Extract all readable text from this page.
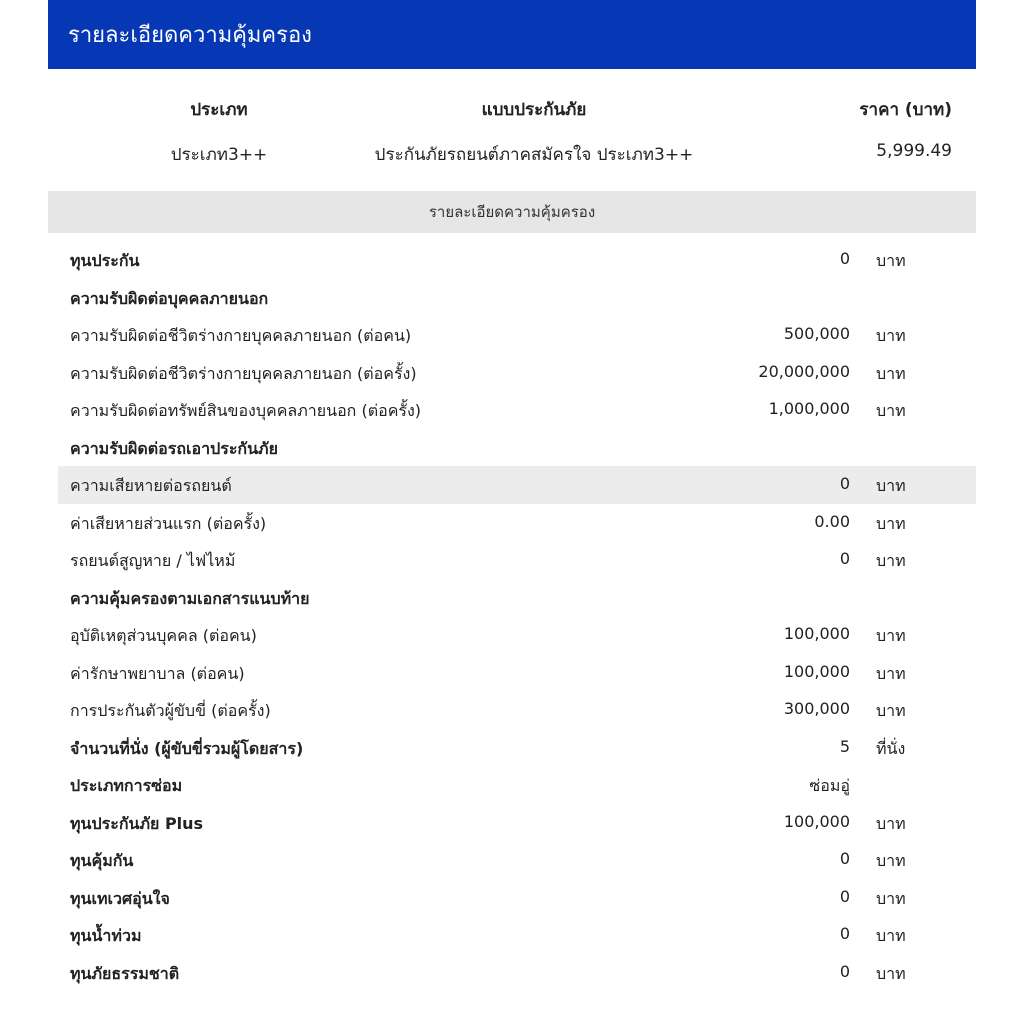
รายละเอียดความคุ้มครอง
ประเภท	แบบประกันภัย	ราคา (บาท)
ประเภท3++	ประกันภัยรถยนต์ภาคสมัครใจ ประเภท3++	5,999.49
รายละเอียดความคุ้มครอง
ทุนประกัน	0 บาท
ความรับผิดต่อบุคคลภายนอก
ความรับผิดต่อชีวิตร่างกายบุคคลภายนอก (ต่อคน)	500,000 บาท
ความรับผิดต่อชีวิตร่างกายบุคคลภายนอก (ต่อครั้ง)	20,000,000 บาท
ความรับผิดต่อทรัพย์สินของบุคคลภายนอก (ต่อครั้ง)	1,000,000 บาท
ความรับผิดต่อรถเอาประกันภัย
ความเสียหายต่อรถยนต์	0 บาท
ค่าเสียหายส่วนแรก (ต่อครั้ง)	0.00 บาท
รถยนต์สูญหาย / ไฟไหม้	0 บาท
ความคุ้มครองตามเอกสารแนบท้าย
อุบัติเหตุส่วนบุคคล (ต่อคน)	100,000 บาท
ค่ารักษาพยาบาล (ต่อคน)	100,000 บาท
การประกันตัวผู้ขับขี่ (ต่อครั้ง)	300,000 บาท
จำนวนที่นั่ง (ผู้ขับขี่รวมผู้โดยสาร)	5 ที่นั่ง
ประเภทการซ่อม	ซ่อมอู่
ทุนประกันภัย Plus	100,000 บาท
ทุนคุ้มกัน	0 บาท
ทุนเทเวศอุ่นใจ	0 บาท
ทุนน้ำท่วม	0 บาท
ทุนภัยธรรมชาติ	0 บาท
